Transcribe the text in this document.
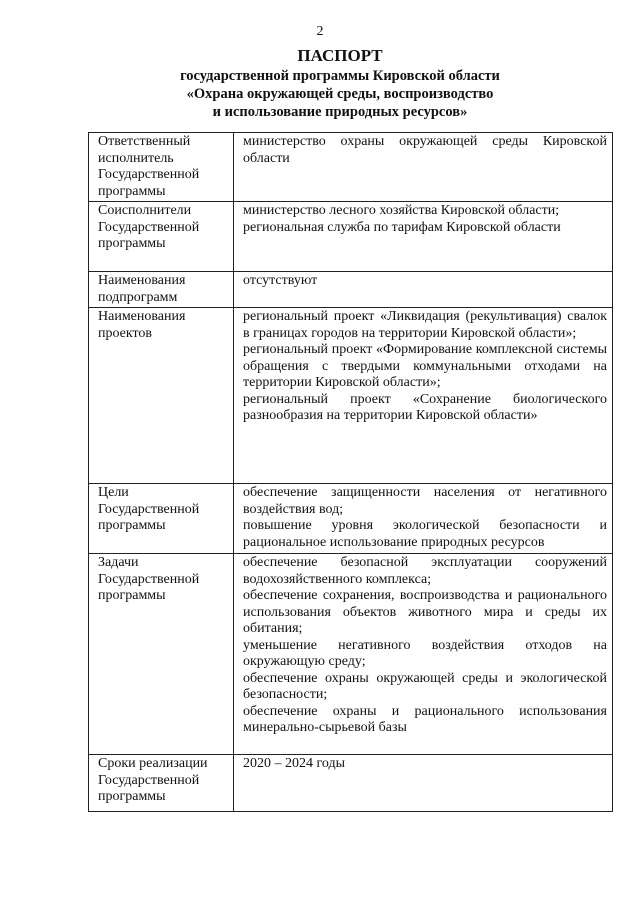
2
ПАСПОРТ
государственной программы Кировской области
«Охрана окружающей среды, воспроизводство
и использование природных ресурсов»
Ответственный исполнитель Государственной программы	министерство охраны окружающей среды Кировской области

Соисполнители Государственной программы	министерство лесного хозяйства Кировской области;

региональная служба по тарифам Кировской области

Наименования подпрограмм	отсутствуют

Наименования проектов	региональный проект «Ликвидация (рекультивация) свалок в границах городов на территории Кировской области»;

региональный проект «Формирование комплексной системы обращения с твердыми коммунальными отходами на территории Кировской области»;

региональный проект «Сохранение биологического разнообразия на территории Кировской области»

Цели Государственной программы	обеспечение защищенности населения от негативного воздействия вод;

повышение уровня экологической безопасности и рациональное использование природных ресурсов

Задачи Государственной программы	обеспечение безопасной эксплуатации сооружений водохозяйственного комплекса;

обеспечение сохранения, воспроизводства и рационального использования объектов животного мира и среды их обитания;

уменьшение негативного воздействия отходов на окружающую среду;

обеспечение охраны окружающей среды и экологической безопасности;

обеспечение охраны и рационального использования минерально-сырьевой базы

Сроки реализации Государственной программы	2020 – 2024 годы
